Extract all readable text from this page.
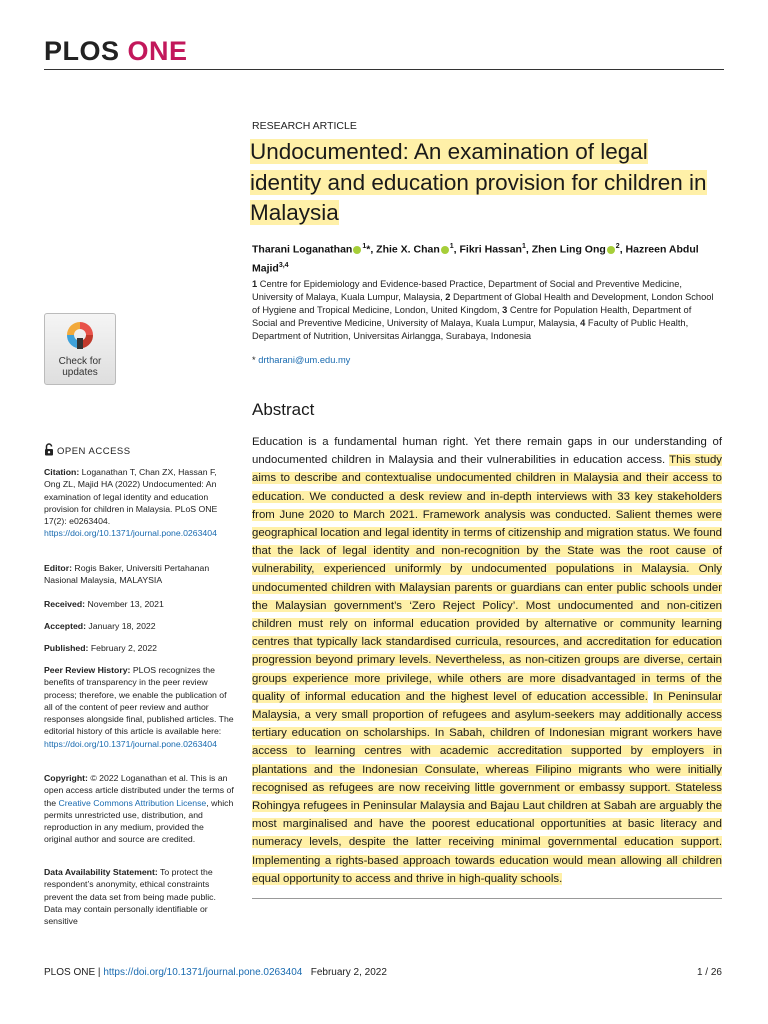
PLOS ONE
Check for
updates
OPEN ACCESS
Citation: Loganathan T, Chan ZX, Hassan F, Ong ZL, Majid HA (2022) Undocumented: An examination of legal identity and education provision for children in Malaysia. PLoS ONE 17(2): e0263404. https://doi.org/10.1371/journal.pone.0263404
Editor: Rogis Baker, Universiti Pertahanan Nasional Malaysia, MALAYSIA
Received: November 13, 2021
Accepted: January 18, 2022
Published: February 2, 2022
Peer Review History: PLOS recognizes the benefits of transparency in the peer review process; therefore, we enable the publication of all of the content of peer review and author responses alongside final, published articles. The editorial history of this article is available here: https://doi.org/10.1371/journal.pone.0263404
Copyright: © 2022 Loganathan et al. This is an open access article distributed under the terms of the Creative Commons Attribution License, which permits unrestricted use, distribution, and reproduction in any medium, provided the original author and source are credited.
Data Availability Statement: To protect the respondent’s anonymity, ethical constraints prevent the data set from being made public. Data may contain personally identifiable or sensitive
RESEARCH ARTICLE
Undocumented: An examination of legal identity and education provision for children in Malaysia
Tharani Loganathan $^1$*, Zhie X. Chan $^1$, Fikri Hassan$^1$, Zhen Ling Ong $^2$, Hazreen Abdul Majid$^{3,4}$
1 Centre for Epidemiology and Evidence-based Practice, Department of Social and Preventive Medicine, University of Malaya, Kuala Lumpur, Malaysia, 2 Department of Global Health and Development, London School of Hygiene and Tropical Medicine, London, United Kingdom, 3 Centre for Population Health, Department of Social and Preventive Medicine, University of Malaya, Kuala Lumpur, Malaysia, 4 Faculty of Public Health, Department of Nutrition, Universitas Airlangga, Surabaya, Indonesia
* drtharani@um.edu.my
Abstract

Education is a fundamental human right. Yet there remain gaps in our understanding of undocumented children in Malaysia and their vulnerabilities in education access. This study aims to describe and contextualise undocumented children in Malaysia and their access to education. We conducted a desk review and in-depth interviews with 33 key stakeholders from June 2020 to March 2021. Framework analysis was conducted. Salient themes were geographical location and legal identity in terms of citizenship and migration status. We found that the lack of legal identity and non-recognition by the State was the root cause of vulnerability, experienced uniformly by undocumented populations in Malaysia. Only undocumented children with Malaysian parents or guardians can enter public schools under the Malaysian government’s ‘Zero Reject Policy’. Most undocumented and non-citizen children must rely on informal education provided by alternative or community learning centres that typically lack standardised curricula, resources, and accreditation for education progression beyond primary levels. Nevertheless, as non-citizen groups are diverse, certain groups experience more privilege, while others are more disadvantaged in terms of the quality of informal education and the highest level of education accessible. In Peninsular Malaysia, a very small proportion of refugees and asylum-seekers may additionally access tertiary education on scholarships. In Sabah, children of Indonesian migrant workers have access to learning centres with academic accreditation supported by employers in plantations and the Indonesian Consulate, whereas Filipino migrants who were initially recognised as refugees are now receiving little government or embassy support. Stateless Rohingya refugees in Peninsular Malaysia and Bajau Laut children at Sabah are arguably the most marginalised and have the poorest educational opportunities at basic literacy and numeracy levels, despite the latter receiving minimal governmental education support. Implementing a rights-based approach towards education would mean allowing all children equal opportunity to access and thrive in high-quality schools.

PLOS ONE | https://doi.org/10.1371/journal.pone.0263404 February 2, 2022	1 / 26
